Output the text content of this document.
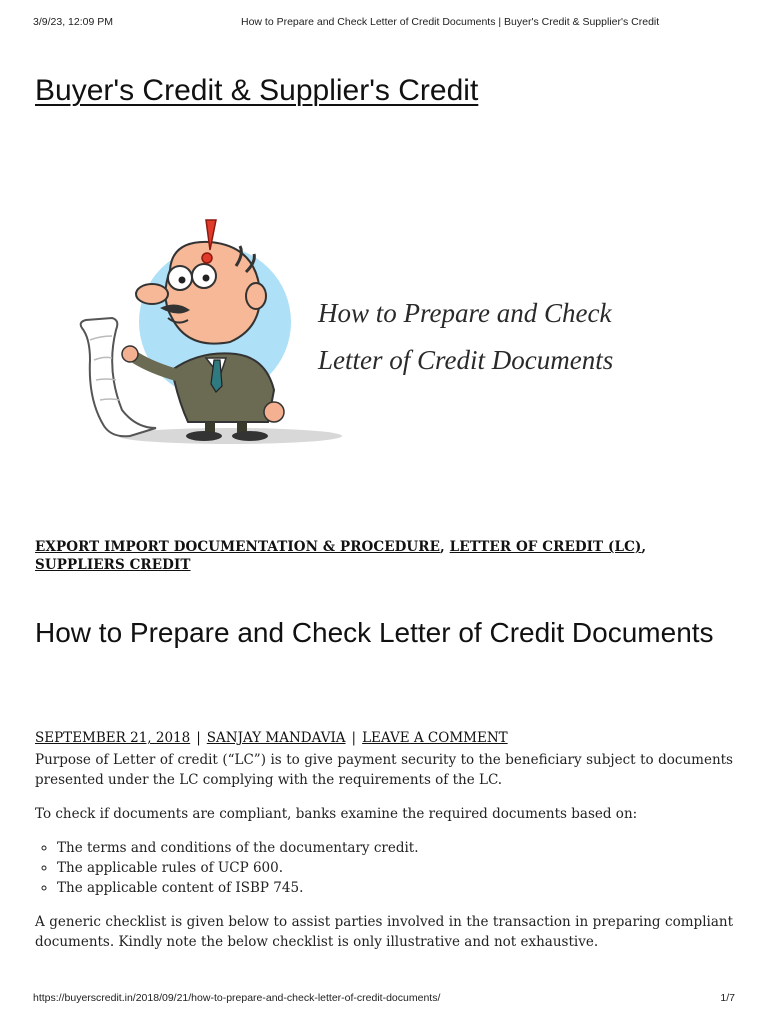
3/9/23, 12:09 PM	How to Prepare and Check Letter of Credit Documents | Buyer's Credit & Supplier's Credit
Buyer's Credit & Supplier's Credit
How to Prepare and Check
Letter of Credit Documents
EXPORT IMPORT DOCUMENTATION & PROCEDURE, LETTER OF CREDIT (LC), SUPPLIERS CREDIT
How to Prepare and Check Letter of Credit Documents
SEPTEMBER 21, 2018 | SANJAY MANDAVIA | LEAVE A COMMENT

Purpose of Letter of credit (“LC”) is to give payment security to the beneficiary subject to documents presented under the LC complying with the requirements of the LC.

To check if documents are compliant, banks examine the required documents based on:

◦ The terms and conditions of the documentary credit.
◦ The applicable rules of UCP 600.
◦ The applicable content of ISBP 745.

A generic checklist is given below to assist parties involved in the transaction in preparing compliant documents. Kindly note the below checklist is only illustrative and not exhaustive.

https://buyerscredit.in/2018/09/21/how-to-prepare-and-check-letter-of-credit-documents/	1/7
